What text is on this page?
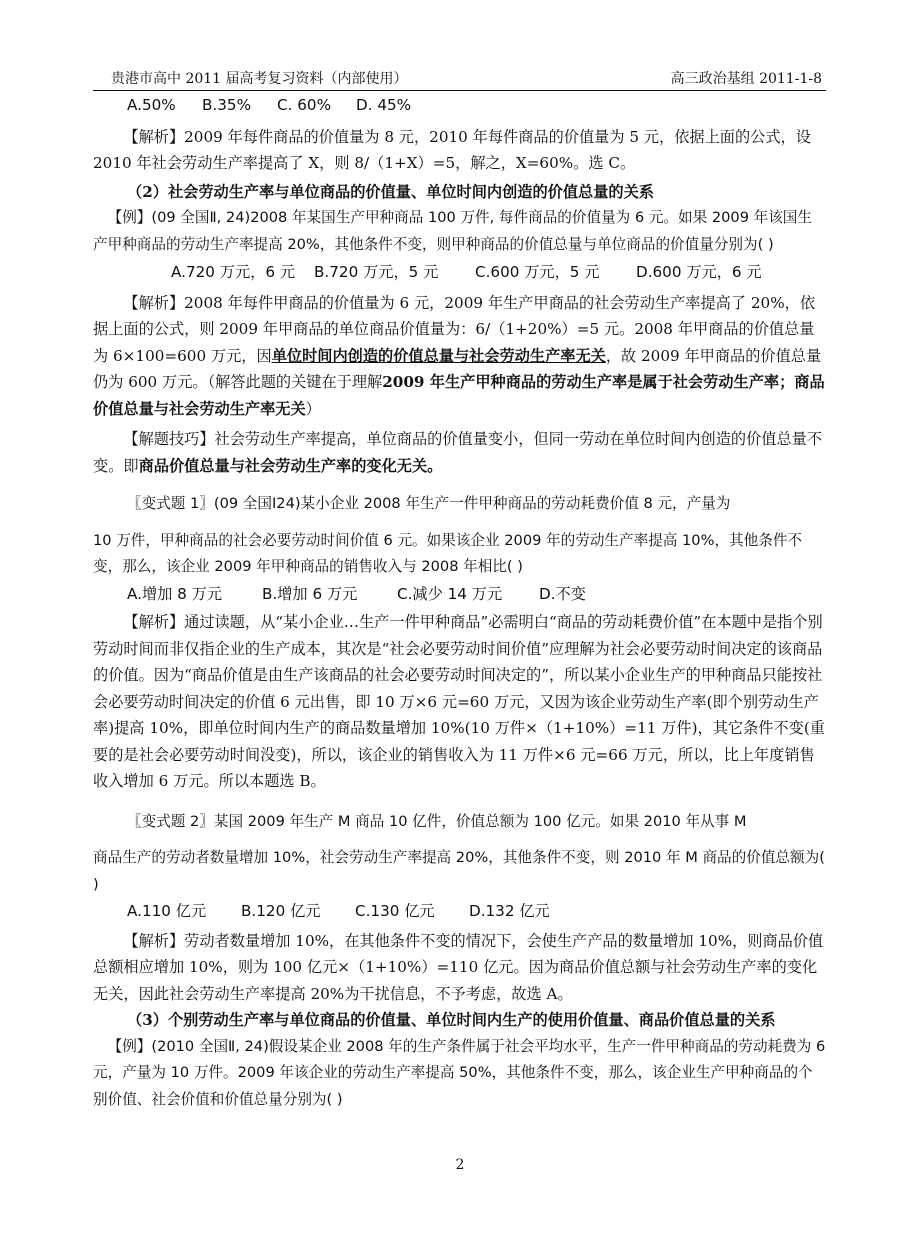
贵港市高中 2011 届高考复习资料（内部使用）	高三政治基组 2011-1-8
A.50%	B.35%	C. 60%	D. 45%

【解析】2009 年每件商品的价值量为 8 元，2010 年每件商品的价值量为 5 元，依据上面的公式，设 2010 年社会劳动生产率提高了 X，则 8/（1+X）=5，解之，X=60%。选 C。

（2）社会劳动生产率与单位商品的价值量、单位时间内创造的价值总量的关系

【例】(09 全国Ⅱ, 24)2008 年某国生产甲种商品 100 万件, 每件商品的价值量为 6 元。如果 2009 年该国生产甲种商品的劳动生产率提高 20%，其他条件不变，则甲种商品的价值总量与单位商品的价值量分别为( )

A.720 万元，6 元	B.720 万元，5 元	C.600 万元，5 元	D.600 万元，6 元

【解析】2008 年每件甲商品的价值量为 6 元，2009 年生产甲商品的社会劳动生产率提高了 20%，依据上面的公式，则 2009 年甲商品的单位商品价值量为：6/（1+20%）=5 元。2008 年甲商品的价值总量为 6×100=600 万元，因单位时间内创造的价值总量与社会劳动生产率无关，故 2009 年甲商品的价值总量仍为 600 万元。（解答此题的关键在于理解2009 年生产甲种商品的劳动生产率是属于社会劳动生产率；商品价值总量与社会劳动生产率无关）

【解题技巧】社会劳动生产率提高，单位商品的价值量变小，但同一劳动在单位时间内创造的价值总量不变。即商品价值总量与社会劳动生产率的变化无关。

〖变式题 1〗(09 全国Ⅰ24)某小企业 2008 年生产一件甲种商品的劳动耗费价值 8 元，产量为

10 万件，甲种商品的社会必要劳动时间价值 6 元。如果该企业 2009 年的劳动生产率提高 10%，其他条件不变，那么，该企业 2009 年甲种商品的销售收入与 2008 年相比( )

A.增加 8 万元	B.增加 6 万元	C.减少 14 万元	D.不变

【解析】通过读题，从“某小企业…生产一件甲种商品”必需明白“商品的劳动耗费价值”在本题中是指个别劳动时间而非仅指企业的生产成本，其次是“社会必要劳动时间价值”应理解为社会必要劳动时间决定的该商品的价值。因为“商品价值是由生产该商品的社会必要劳动时间决定的”，所以某小企业生产的甲种商品只能按社会必要劳动时间决定的价值 6 元出售，即 10 万×6 元=60 万元，又因为该企业劳动生产率(即个别劳动生产率)提高 10%，即单位时间内生产的商品数量增加 10%(10 万件×（1+10%）=11 万件)，其它条件不变(重要的是社会必要劳动时间没变)，所以，该企业的销售收入为 11 万件×6 元=66 万元，所以，比上年度销售收入增加 6 万元。所以本题选 B。

〖变式题 2〗某国 2009 年生产 M 商品 10 亿件，价值总额为 100 亿元。如果 2010 年从事 M

商品生产的劳动者数量增加 10%，社会劳动生产率提高 20%，其他条件不变，则 2010 年 M 商品的价值总额为( )

A.110 亿元	B.120 亿元	C.130 亿元	D.132 亿元

【解析】劳动者数量增加 10%，在其他条件不变的情况下，会使生产产品的数量增加 10%，则商品价值总额相应增加 10%，则为 100 亿元×（1+10%）=110 亿元。因为商品价值总额与社会劳动生产率的变化无关，因此社会劳动生产率提高 20%为干扰信息，不予考虑，故选 A。

（3）个别劳动生产率与单位商品的价值量、单位时间内生产的使用价值量、商品价值总量的关系

【例】(2010 全国Ⅱ, 24)假设某企业 2008 年的生产条件属于社会平均水平，生产一件甲种商品的劳动耗费为 6 元，产量为 10 万件。2009 年该企业的劳动生产率提高 50%，其他条件不变，那么，该企业生产甲种商品的个别价值、社会价值和价值总量分别为( )

2
